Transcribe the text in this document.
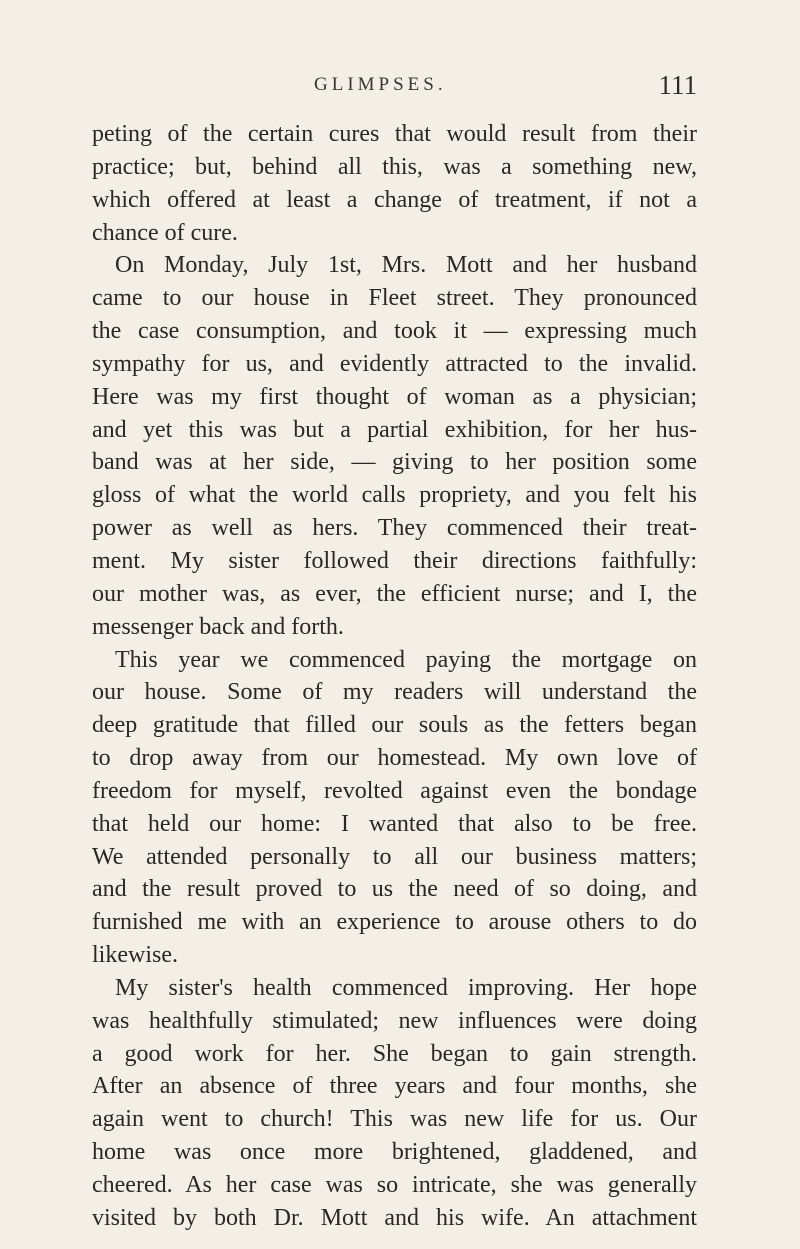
GLIMPSES.	111
peting of the certain cures that would result from their
practice; but, behind all this, was a something new,
which offered at least a change of treatment, if not a
chance of cure.
On Monday, July 1st, Mrs. Mott and her husband
came to our house in Fleet street. They pronounced
the case consumption, and took it — expressing much
sympathy for us, and evidently attracted to the invalid.
Here was my first thought of woman as a physician;
and yet this was but a partial exhibition, for her hus-
band was at her side, — giving to her position some
gloss of what the world calls propriety, and you felt his
power as well as hers. They commenced their treat-
ment. My sister followed their directions faithfully:
our mother was, as ever, the efficient nurse; and I, the
messenger back and forth.
This year we commenced paying the mortgage on
our house. Some of my readers will understand the
deep gratitude that filled our souls as the fetters began
to drop away from our homestead. My own love of
freedom for myself, revolted against even the bondage
that held our home: I wanted that also to be free.
We attended personally to all our business matters;
and the result proved to us the need of so doing, and
furnished me with an experience to arouse others to do
likewise.
My sister's health commenced improving. Her hope
was healthfully stimulated; new influences were doing
a good work for her. She began to gain strength.
After an absence of three years and four months, she
again went to church! This was new life for us. Our
home was once more brightened, gladdened, and
cheered. As her case was so intricate, she was generally
visited by both Dr. Mott and his wife. An attachment
